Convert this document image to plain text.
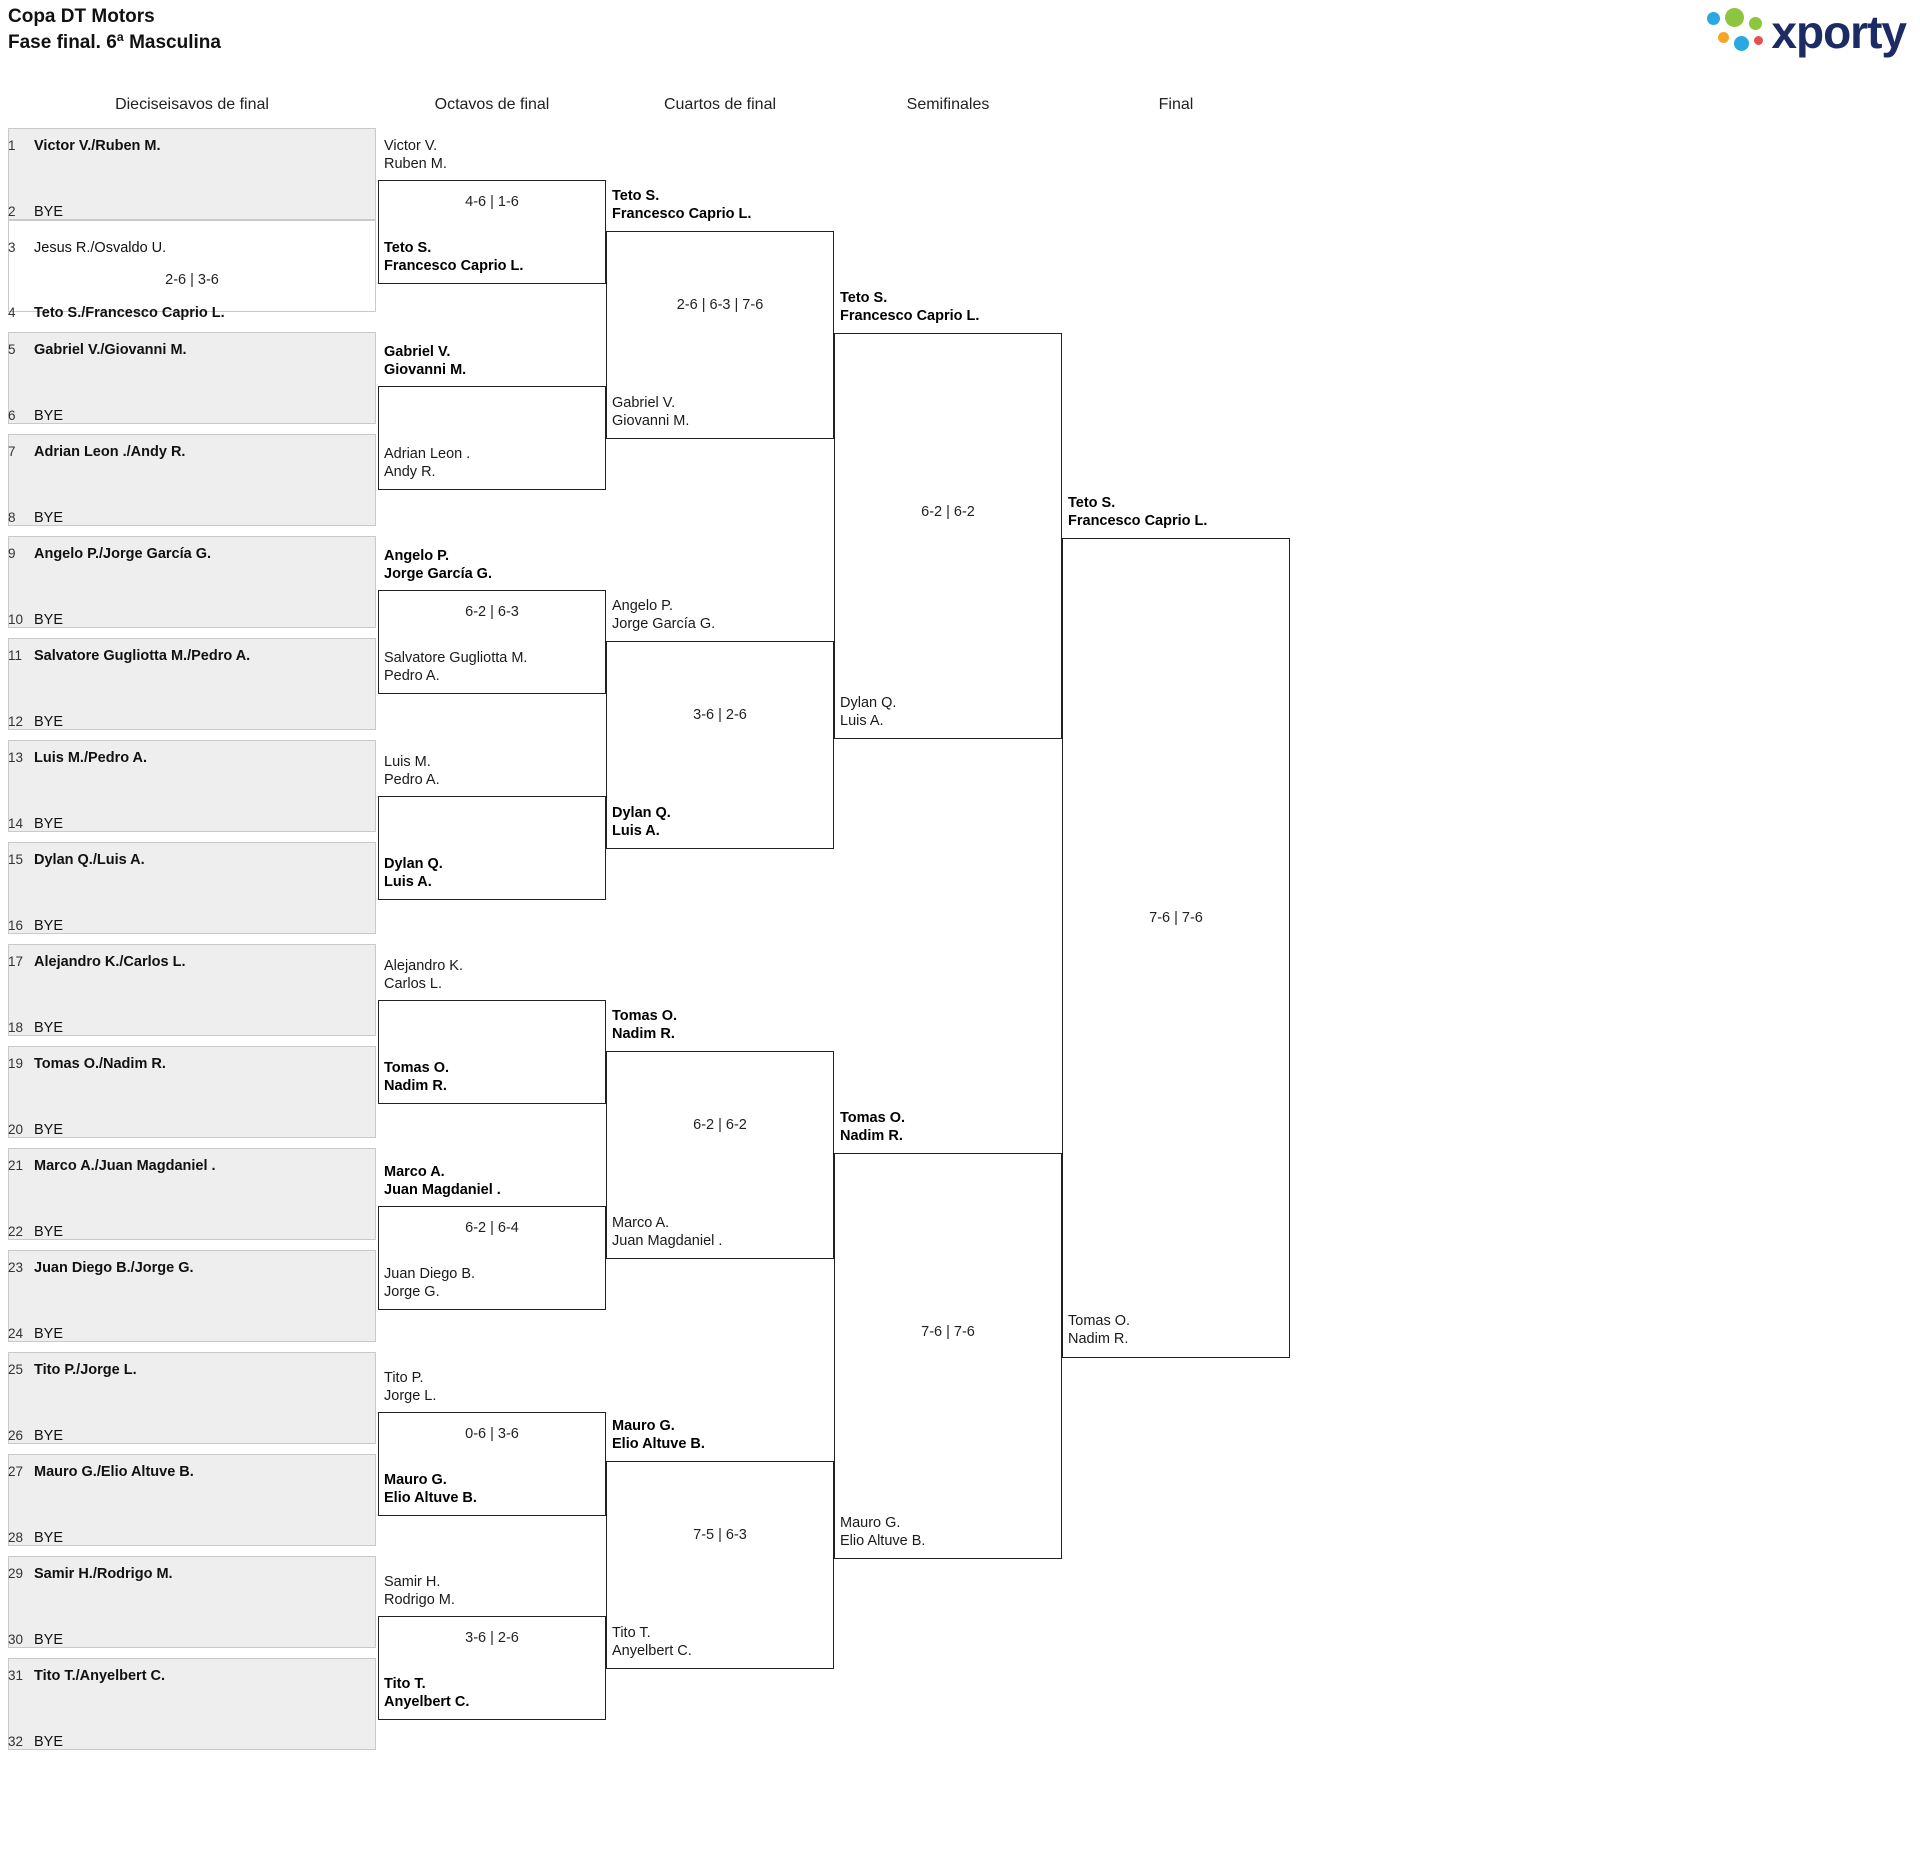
Copa DT Motors
Fase final. 6ª Masculina	xporty
Dieciseisavos de final	Octavos de final	Cuartos de final	Semifinales	Final
1	Victor V./Ruben M.
2	BYE
3	Jesus R./Osvaldo U.
4	Teto S./Francesco Caprio L.
5	Gabriel V./Giovanni M.
6	BYE
7	Adrian Leon ./Andy R.
8	BYE
9	Angelo P./Jorge García G.
10 BYE
11 Salvatore Gugliotta M./Pedro A.
12 BYE
13 Luis M./Pedro A.
14 BYE
15 Dylan Q./Luis A.
16 BYE
17 Alejandro K./Carlos L.
18 BYE
19 Tomas O./Nadim R.
20 BYE
21 Marco A./Juan Magdaniel .
22 BYE
23 Juan Diego B./Jorge G.
24 BYE
25 Tito P./Jorge L.
26 BYE
27 Mauro G./Elio Altuve B.
28 BYE
29 Samir H./Rodrigo M.
30 BYE
31 Tito T./Anyelbert C.
32 BYE
2-6 | 3-6
Victor V.
Ruben M.
4-6 | 1-6
Teto S.
Francesco Caprio L.
Gabriel V.
Giovanni M.
Adrian Leon .
Andy R.
Angelo P.
Jorge García G.
6-2 | 6-3
Salvatore Gugliotta M.
Pedro A.
Luis M.
Pedro A.
Dylan Q.
Luis A.
Alejandro K.
Carlos L.
Tomas O.
Nadim R.
Marco A.
Juan Magdaniel .
6-2 | 6-4
Juan Diego B.
Jorge G.
Tito P.
Jorge L.
0-6 | 3-6
Mauro G.
Elio Altuve B.
Samir H.
Rodrigo M.
3-6 | 2-6
Tito T.
Anyelbert C.
Teto S.
Francesco Caprio L.
2-6 | 6-3 | 7-6
Gabriel V.
Giovanni M.
Angelo P.
Jorge García G.
3-6 | 2-6
Dylan Q.
Luis A.
Tomas O.
Nadim R.
6-2 | 6-2
Marco A.
Juan Magdaniel .
Mauro G.
Elio Altuve B.
7-5 | 6-3
Tito T.
Anyelbert C.
Teto S.
Francesco Caprio L.
6-2 | 6-2
Dylan Q.
Luis A.
Tomas O.
Nadim R.
7-6 | 7-6
Mauro G.
Elio Altuve B.
Teto S.
Francesco Caprio L.
7-6 | 7-6
Tomas O.
Nadim R.
